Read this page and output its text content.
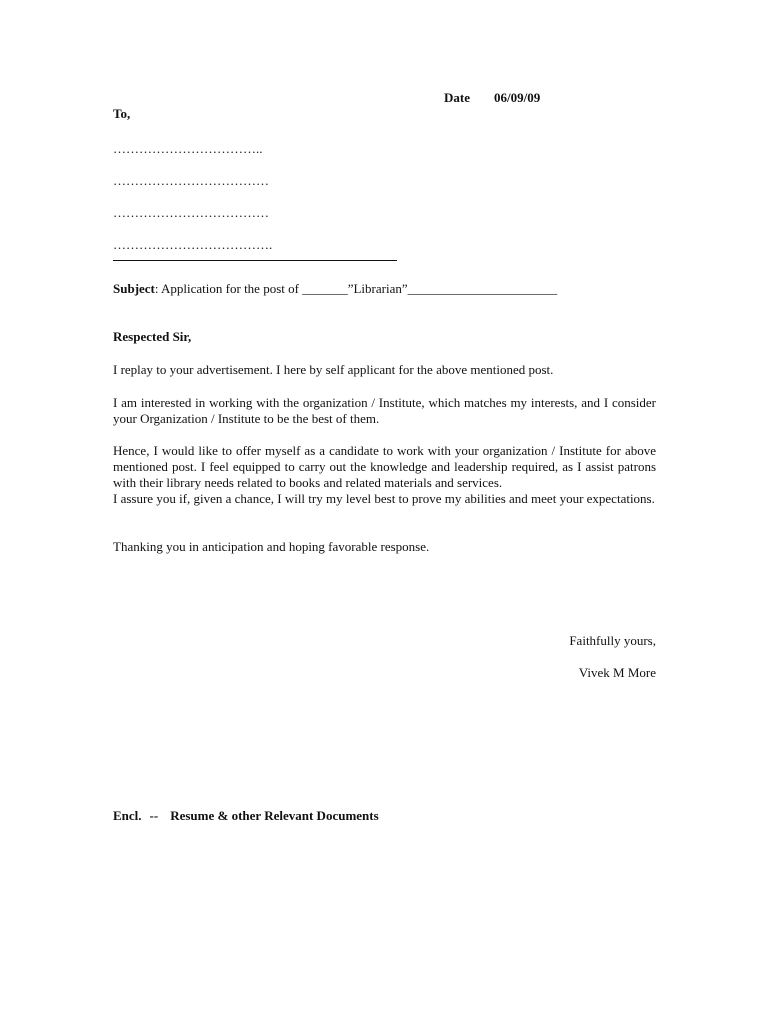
Date 06/09/09
To,
……………………………..
………………………………
………………………………
……………………………….
Subject: Application for the post of _______”Librarian”_______________________
Respected Sir,
I replay to your advertisement. I here by self applicant for the above mentioned post.
I am interested in working with the organization / Institute, which matches my interests, and I consider your Organization / Institute to be the best of them.
Hence, I would like to offer myself as a candidate to work with your organization / Institute for above mentioned post. I feel equipped to carry out the knowledge and leadership required, as I assist patrons with their library needs related to books and related materials and services.
I assure you if, given a chance, I will try my level best to prove my abilities and meet your expectations.
Thanking you in anticipation and hoping favorable response.
Faithfully yours,
Vivek M More
Encl. -- Resume & other Relevant Documents
